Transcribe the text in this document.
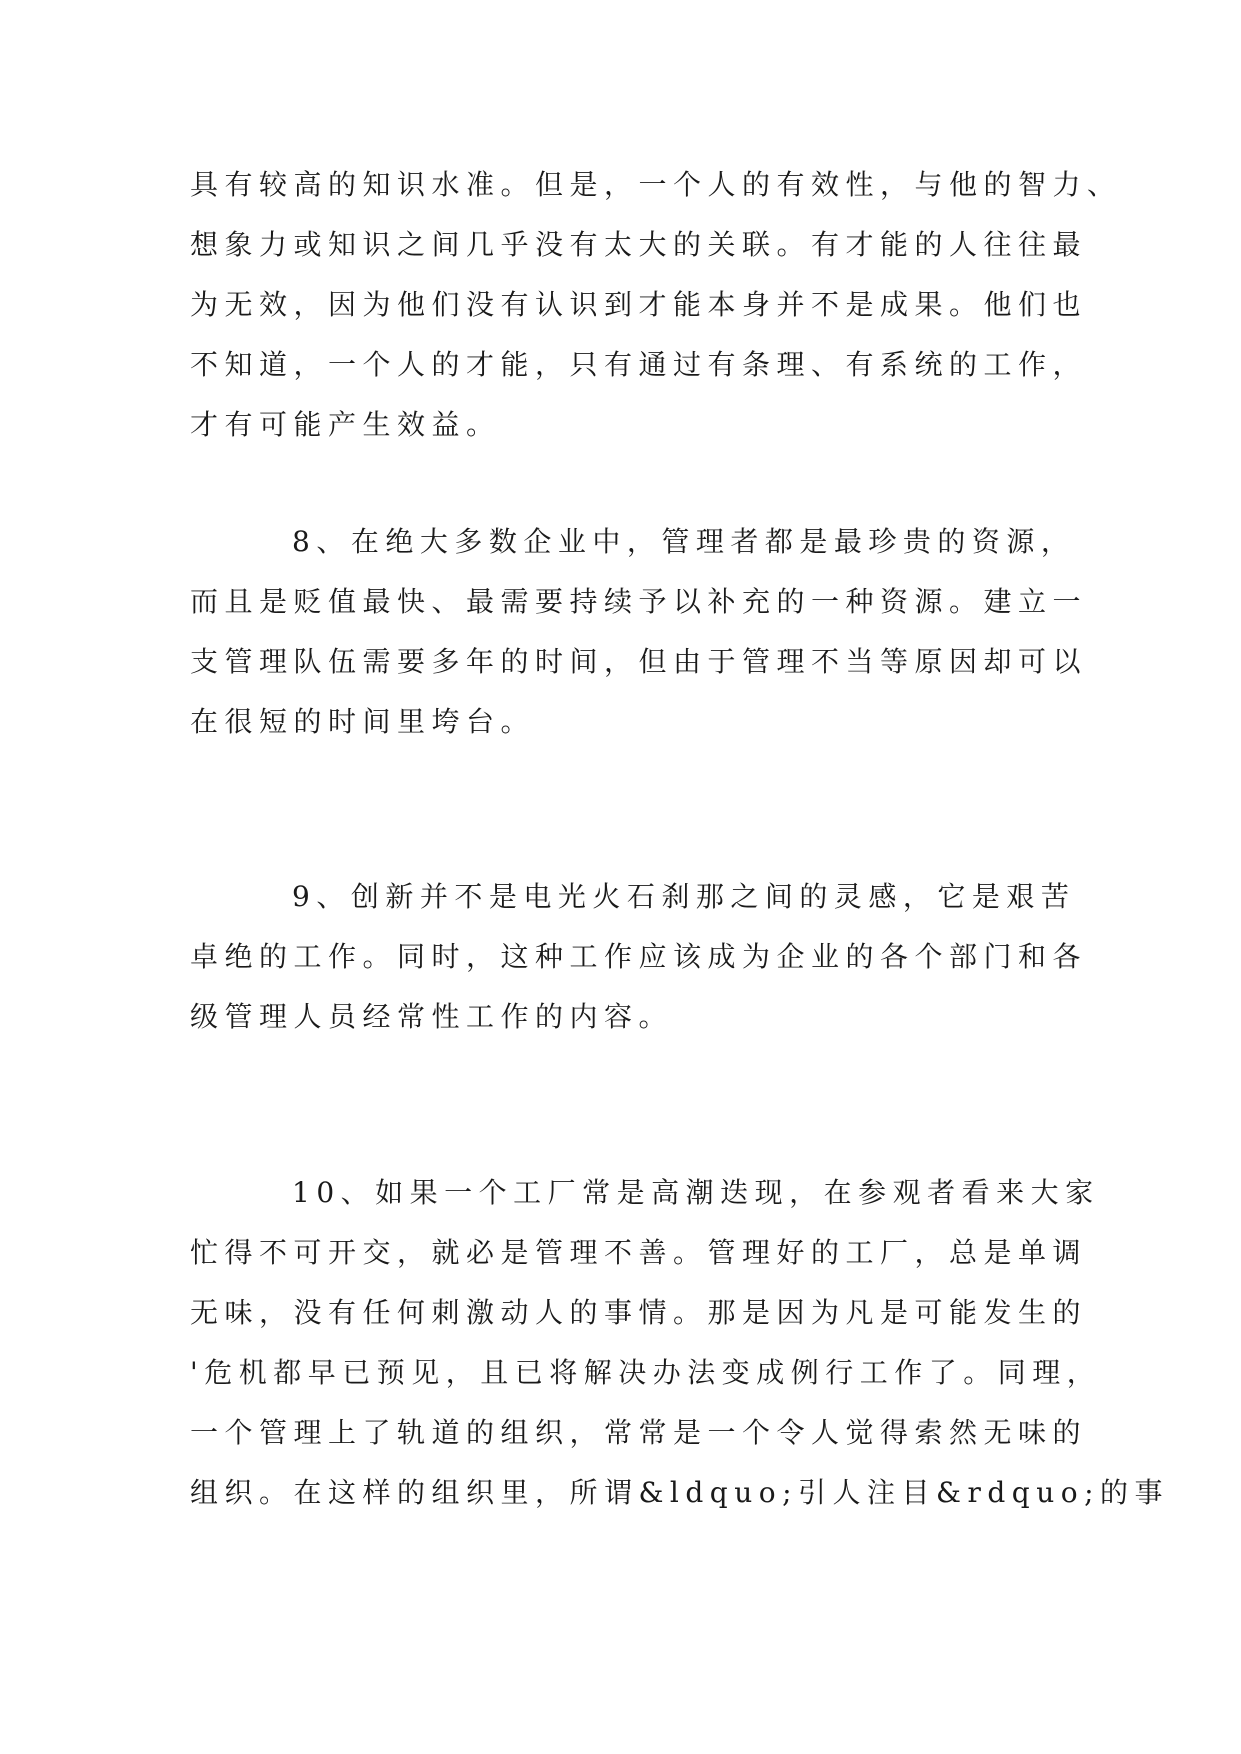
具有较高的知识水准。但是，一个人的有效性，与他的智力、
想象力或知识之间几乎没有太大的关联。有才能的人往往最
为无效，因为他们没有认识到才能本身并不是成果。他们也
不知道，一个人的才能，只有通过有条理、有系统的工作，
才有可能产生效益。
8、在绝大多数企业中，管理者都是最珍贵的资源，
而且是贬值最快、最需要持续予以补充的一种资源。建立一
支管理队伍需要多年的时间，但由于管理不当等原因却可以
在很短的时间里垮台。
9、创新并不是电光火石刹那之间的灵感，它是艰苦
卓绝的工作。同时，这种工作应该成为企业的各个部门和各
级管理人员经常性工作的内容。
10、如果一个工厂常是高潮迭现，在参观者看来大家
忙得不可开交，就必是管理不善。管理好的工厂，总是单调
无味，没有任何刺激动人的事情。那是因为凡是可能发生的
'危机都早已预见，且已将解决办法变成例行工作了。同理，
一个管理上了轨道的组织，常常是一个令人觉得索然无味的
组织。在这样的组织里，所谓&ldquo;引人注目&rdquo;的事
